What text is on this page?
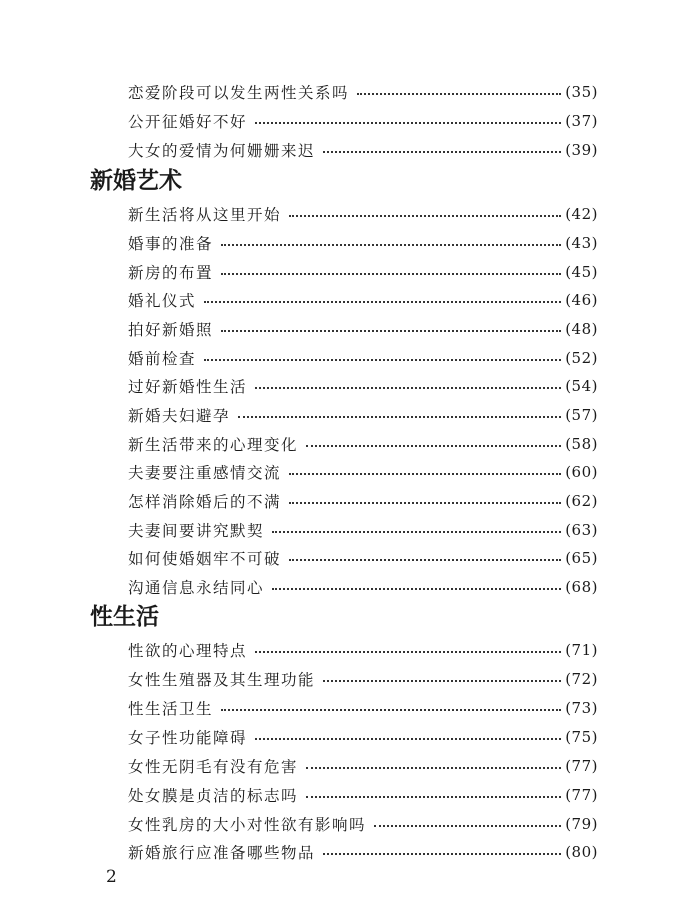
恋爱阶段可以发生两性关系吗	(35)
公开征婚好不好	(37)
大女的爱情为何姗姗来迟	(39)
新婚艺术
新生活将从这里开始	(42)
婚事的准备	(43)
新房的布置	(45)
婚礼仪式	(46)
拍好新婚照	(48)
婚前检查	(52)
过好新婚性生活	(54)
新婚夫妇避孕	(57)
新生活带来的心理变化	(58)
夫妻要注重感情交流	(60)
怎样消除婚后的不满	(62)
夫妻间要讲究默契	(63)
如何使婚姻牢不可破	(65)
沟通信息永结同心	(68)
性生活
性欲的心理特点	(71)
女性生殖器及其生理功能	(72)
性生活卫生	(73)
女子性功能障碍	(75)
女性无阴毛有没有危害	(77)
处女膜是贞洁的标志吗	(77)
女性乳房的大小对性欲有影响吗	(79)
新婚旅行应准备哪些物品	(80)
2
